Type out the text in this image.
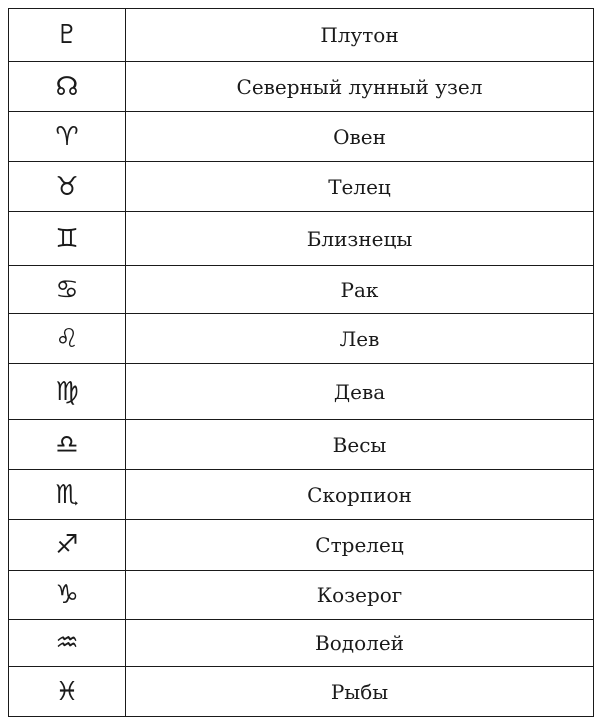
♇	Плутон
☊	Северный лунный узел
♈	Овен
♉	Телец
♊	Близнецы
♋	Рак
♌	Лев
♍	Дева
♎	Весы
♏	Скорпион
♐	Стрелец
♑	Козерог
♒	Водолей
♓	Рыбы
